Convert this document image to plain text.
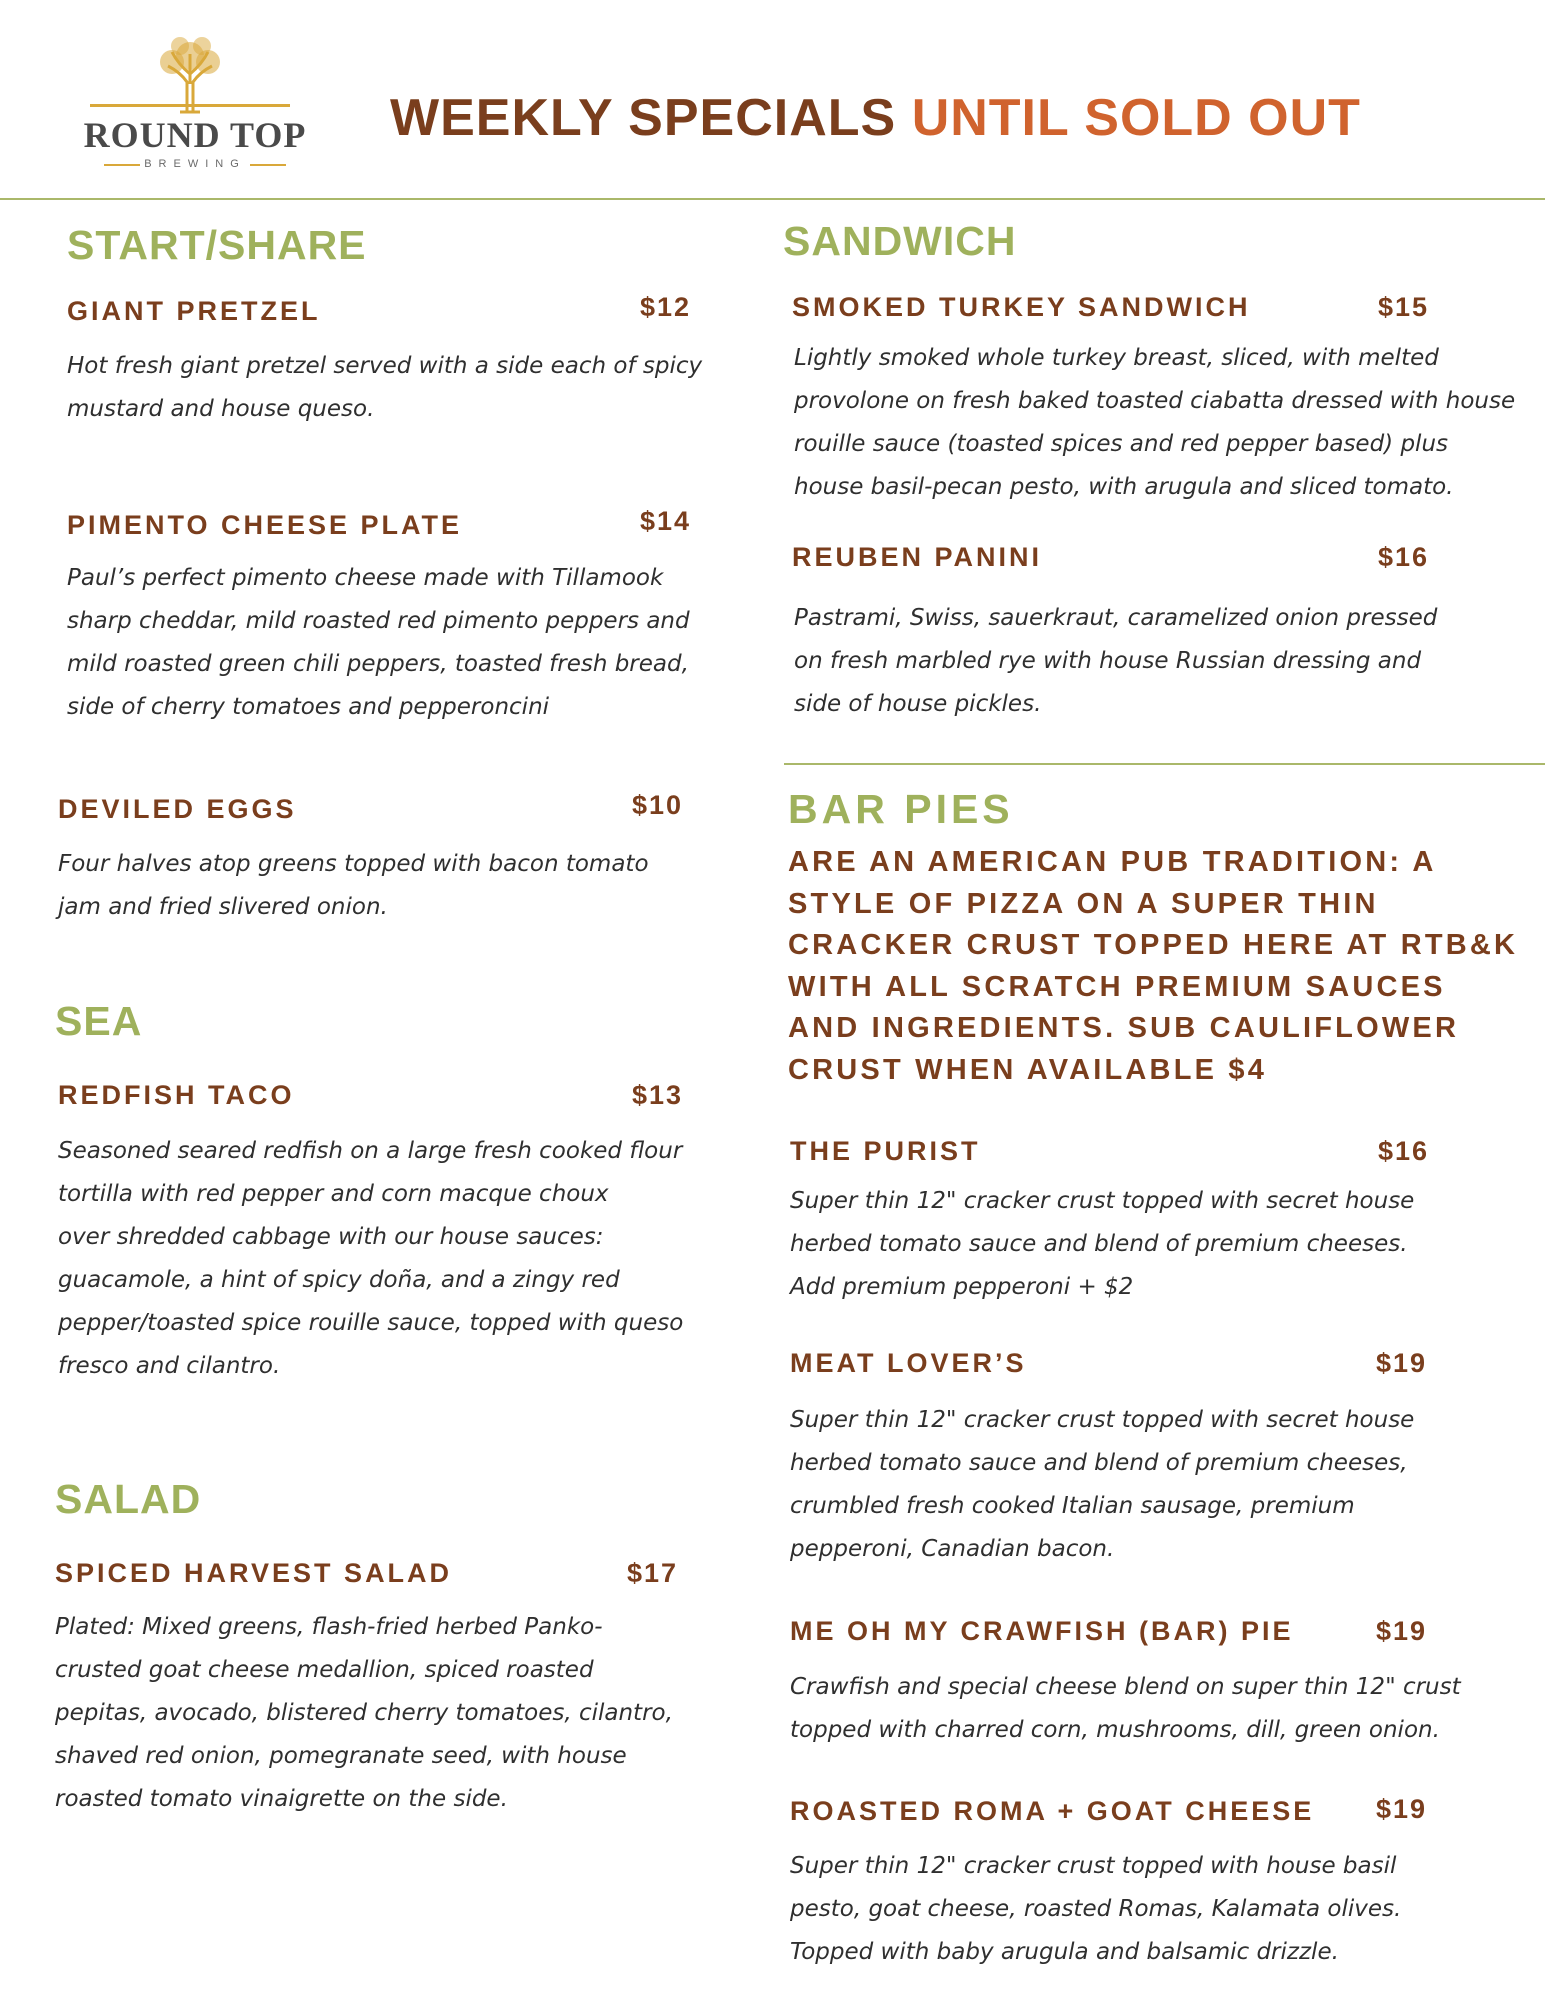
ROUND TOP
BREWING
WEEKLY SPECIALS UNTIL SOLD OUT
START/SHARE
GIANT PRETZEL	$12
Hot fresh giant pretzel served with a side each of spicy
mustard and house queso.
PIMENTO CHEESE PLATE	$14
Paul’s perfect pimento cheese made with Tillamook
sharp cheddar, mild roasted red pimento peppers and
mild roasted green chili peppers, toasted fresh bread,
side of cherry tomatoes and pepperoncini
DEVILED EGGS	$10
Four halves atop greens topped with bacon tomato
jam and fried slivered onion.
SEA
REDFISH TACO	$13
Seasoned seared redfish on a large fresh cooked flour
tortilla with red pepper and corn macque choux
over shredded cabbage with our house sauces:
guacamole, a hint of spicy doña, and a zingy red
pepper/toasted spice rouille sauce, topped with queso
fresco and cilantro.
SALAD
SPICED HARVEST SALAD	$17
Plated: Mixed greens, flash-fried herbed Panko-
crusted goat cheese medallion, spiced roasted
pepitas, avocado, blistered cherry tomatoes, cilantro,
shaved red onion, pomegranate seed, with house
roasted tomato vinaigrette on the side.
SANDWICH
SMOKED TURKEY SANDWICH	$15
Lightly smoked whole turkey breast, sliced, with melted
provolone on fresh baked toasted ciabatta dressed with house
rouille sauce (toasted spices and red pepper based) plus
house basil-pecan pesto, with arugula and sliced tomato.
REUBEN PANINI	$16
Pastrami, Swiss, sauerkraut, caramelized onion pressed
on fresh marbled rye with house Russian dressing and
side of house pickles.
BAR PIES
ARE AN AMERICAN PUB TRADITION: A
STYLE OF PIZZA ON A SUPER THIN
CRACKER CRUST TOPPED HERE AT RTB&K
WITH ALL SCRATCH PREMIUM SAUCES
AND INGREDIENTS. SUB CAULIFLOWER
CRUST WHEN AVAILABLE $4
THE PURIST	$16
Super thin 12" cracker crust topped with secret house
herbed tomato sauce and blend of premium cheeses.
Add premium pepperoni + $2
MEAT LOVER’S	$19
Super thin 12" cracker crust topped with secret house
herbed tomato sauce and blend of premium cheeses,
crumbled fresh cooked Italian sausage, premium
pepperoni, Canadian bacon.
ME OH MY CRAWFISH (BAR) PIE	$19
Crawfish and special cheese blend on super thin 12" crust
topped with charred corn, mushrooms, dill, green onion.
ROASTED ROMA + GOAT CHEESE $19
Super thin 12" cracker crust topped with house basil
pesto, goat cheese, roasted Romas, Kalamata olives.
Topped with baby arugula and balsamic drizzle.
